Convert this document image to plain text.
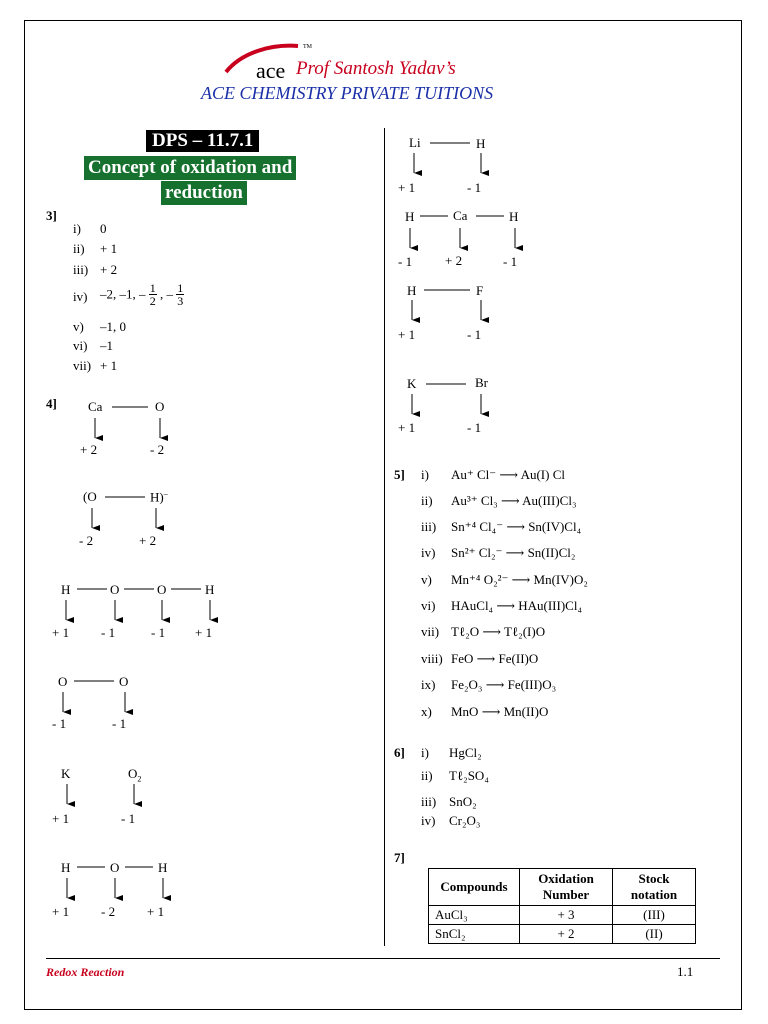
ace
TM
Prof Santosh Yadav’s
ACE CHEMISTRY PRIVATE TUITIONS
DPS – 11.7.1
Concept of oxidation and
reduction
3]
i) 0
ii) + 1
iii) + 2
iv) –2, –1, – $\frac{1}{2}$ , – $\frac{1}{3}$
v) –1, 0
vi) –1
vii) + 1
4] Ca	O
+ 2	- 2
(O	H)–
- 2	+ 2
H	O	O	H
+ 1 - 1	- 1 + 1
O	O
- 1	- 1
K	$O_2$
+ 1	- 1
H	O	H
+ 1 - 2 + 1
Li	H
+ 1	- 1
H	Ca	H
- 1	+ 2	- 1
H	F
+ 1	- 1
K	Br
+ 1	- 1
5] i) Au⁺ Cl⁻ ⟶ Au(I) Cl
ii) Au³⁺ Cl₃ ⟶ Au(III)Cl₃
iii) Sn⁺⁴ Cl₄⁻ ⟶ Sn(IV)Cl₄
iv) Sn²⁺ Cl₂⁻ ⟶ Sn(II)Cl₂
v) Mn⁺⁴ O₂²⁻ ⟶ Mn(IV)O₂
vi) HAuCl₄ ⟶ HAu(III)Cl₄
vii) Tℓ₂O ⟶ Tℓ₂(I)O
viii) FeO ⟶ Fe(II)O
ix) Fe₂O₃ ⟶ Fe(III)O₃
x) MnO ⟶ Mn(II)O
6] i) HgCl₂
ii) Tℓ₂SO₄
iii) SnO₂
iv) Cr₂O₃
7]
Compounds	Oxidation Number	Stock notation
AuCl₃	+ 3	(III)
SnCl₂	+ 2	(II)
Redox Reaction	1.1
